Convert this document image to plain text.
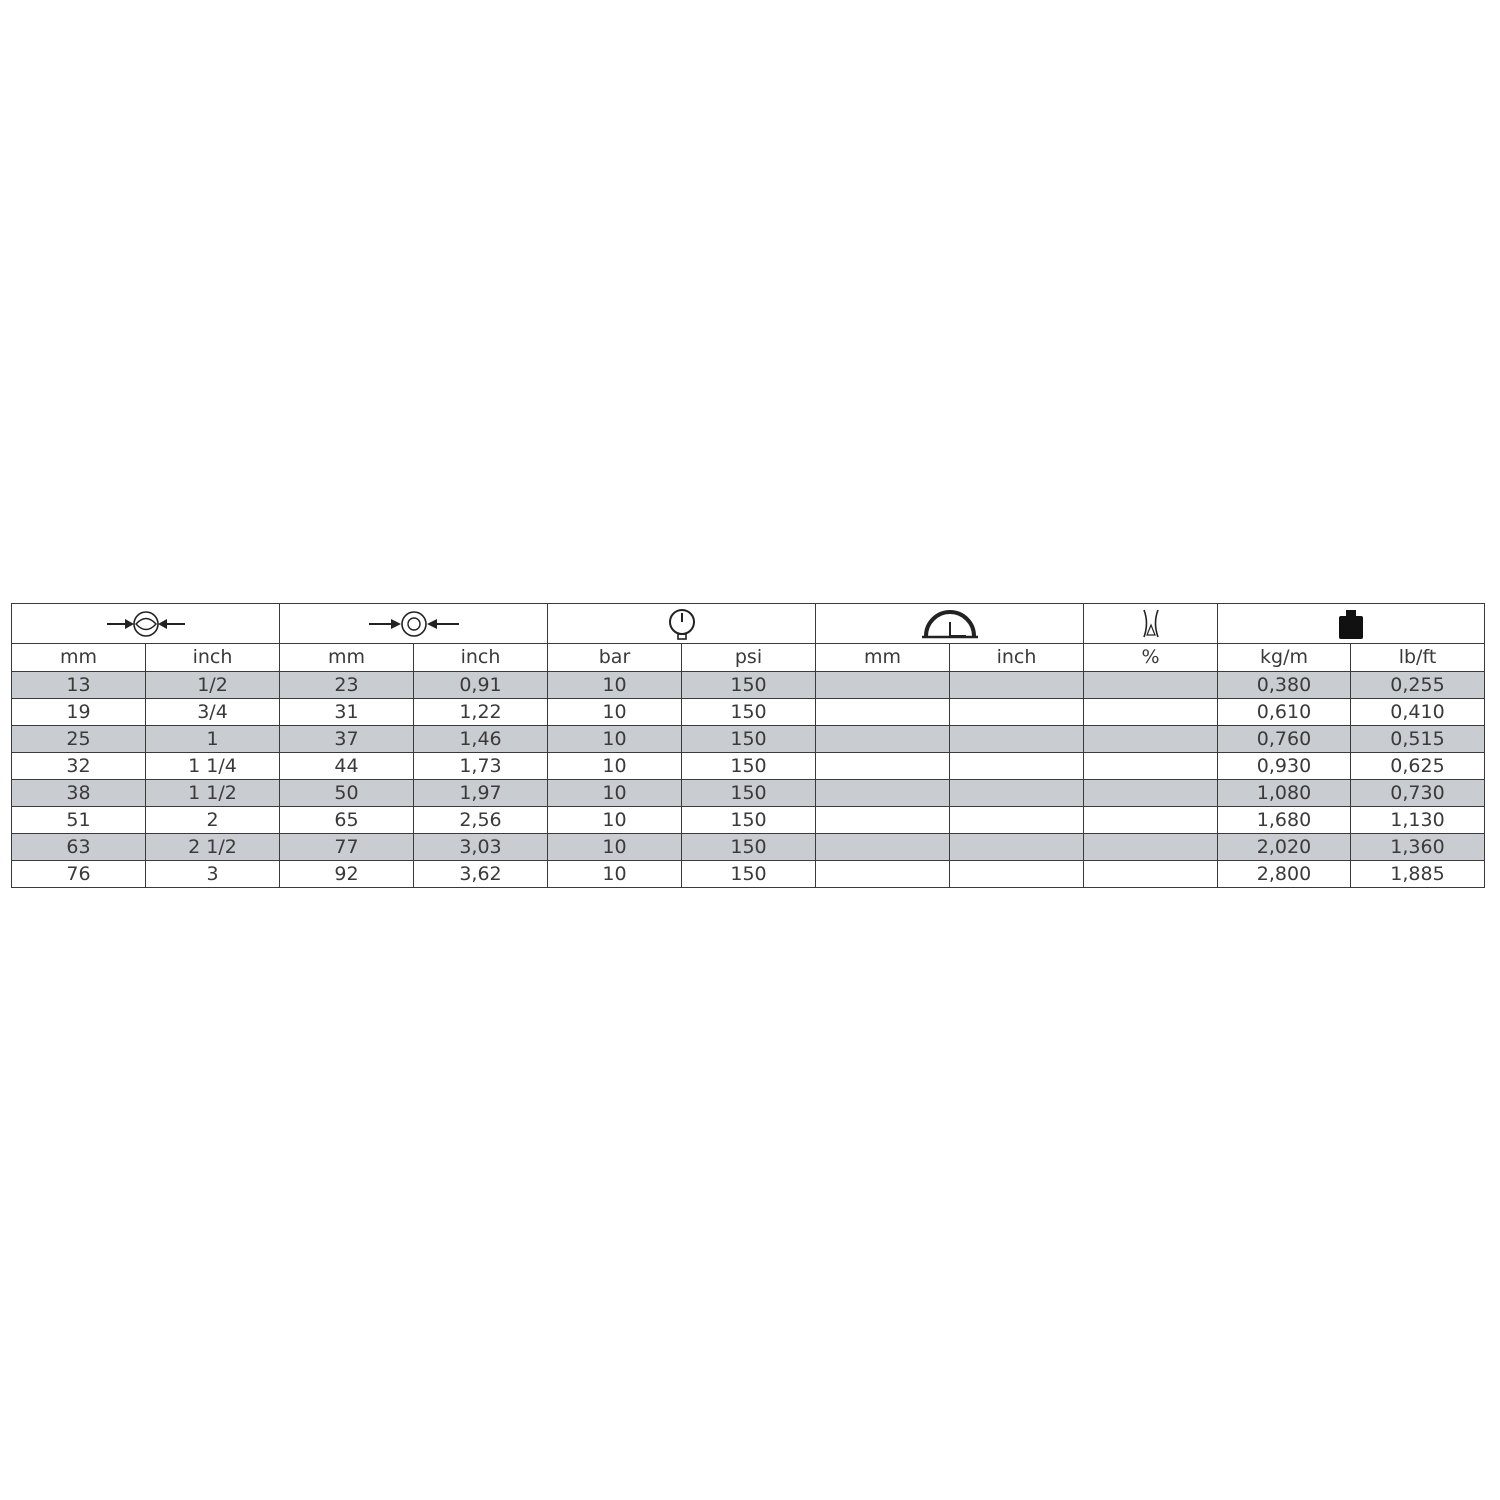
mm	inch	mm	inch	bar	psi	mm	inch	%	kg/m	lb/ft
13	1/2	23	0,91	10	150				0,380	0,255
19	3/4	31	1,22	10	150				0,610	0,410
25	1	37	1,46	10	150				0,760	0,515
32	1 1/4	44	1,73	10	150				0,930	0,625
38	1 1/2	50	1,97	10	150				1,080	0,730
51	2	65	2,56	10	150				1,680	1,130
63	2 1/2	77	3,03	10	150				2,020	1,360
76	3	92	3,62	10	150				2,800	1,885
